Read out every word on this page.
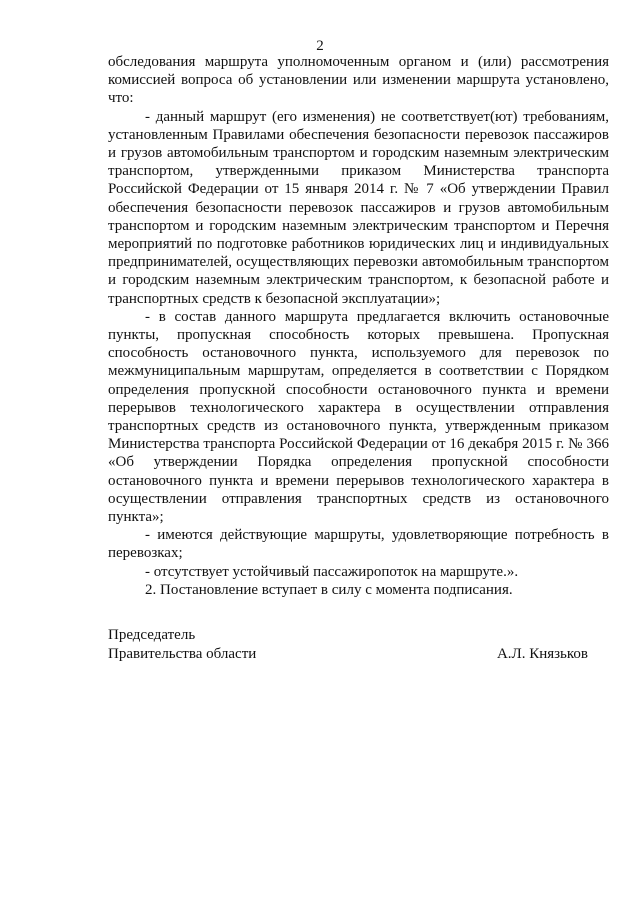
2

обследования маршрута уполномоченным органом и (или) рассмотрения комиссией вопроса об установлении или изменении маршрута установлено, что:

- данный маршрут (его изменения) не соответствует(ют) требованиям, установленным Правилами обеспечения безопасности перевозок пассажиров и грузов автомобильным транспортом и городским наземным электрическим транспортом, утвержденными приказом Министерства транспорта Российской Федерации от 15 января 2014 г. № 7 «Об утверждении Правил обеспечения безопасности перевозок пассажиров и грузов автомобильным транспортом и городским наземным электрическим транспортом и Перечня мероприятий по подготовке работников юридических лиц и индивидуальных предпринимателей, осуществляющих перевозки автомобильным транспортом и городским наземным электрическим транспортом, к безопасной работе и транспортных средств к безопасной эксплуатации»;

- в состав данного маршрута предлагается включить остановочные пункты, пропускная способность которых превышена. Пропускная способность остановочного пункта, используемого для перевозок по межмуниципальным маршрутам, определяется в соответствии с Порядком определения пропускной способности остановочного пункта и времени перерывов технологического характера в осуществлении отправления транспортных средств из остановочного пункта, утвержденным приказом Министерства транспорта Российской Федерации от 16 декабря 2015 г. № 366 «Об утверждении Порядка определения пропускной способности остановочного пункта и времени перерывов технологического характера в осуществлении отправления транспортных средств из остановочного пункта»;

- имеются действующие маршруты, удовлетворяющие потребность в перевозках;

- отсутствует устойчивый пассажиропоток на маршруте.».

2. Постановление вступает в силу с момента подписания.

Председатель
Правительства области	А.Л. Князьков
